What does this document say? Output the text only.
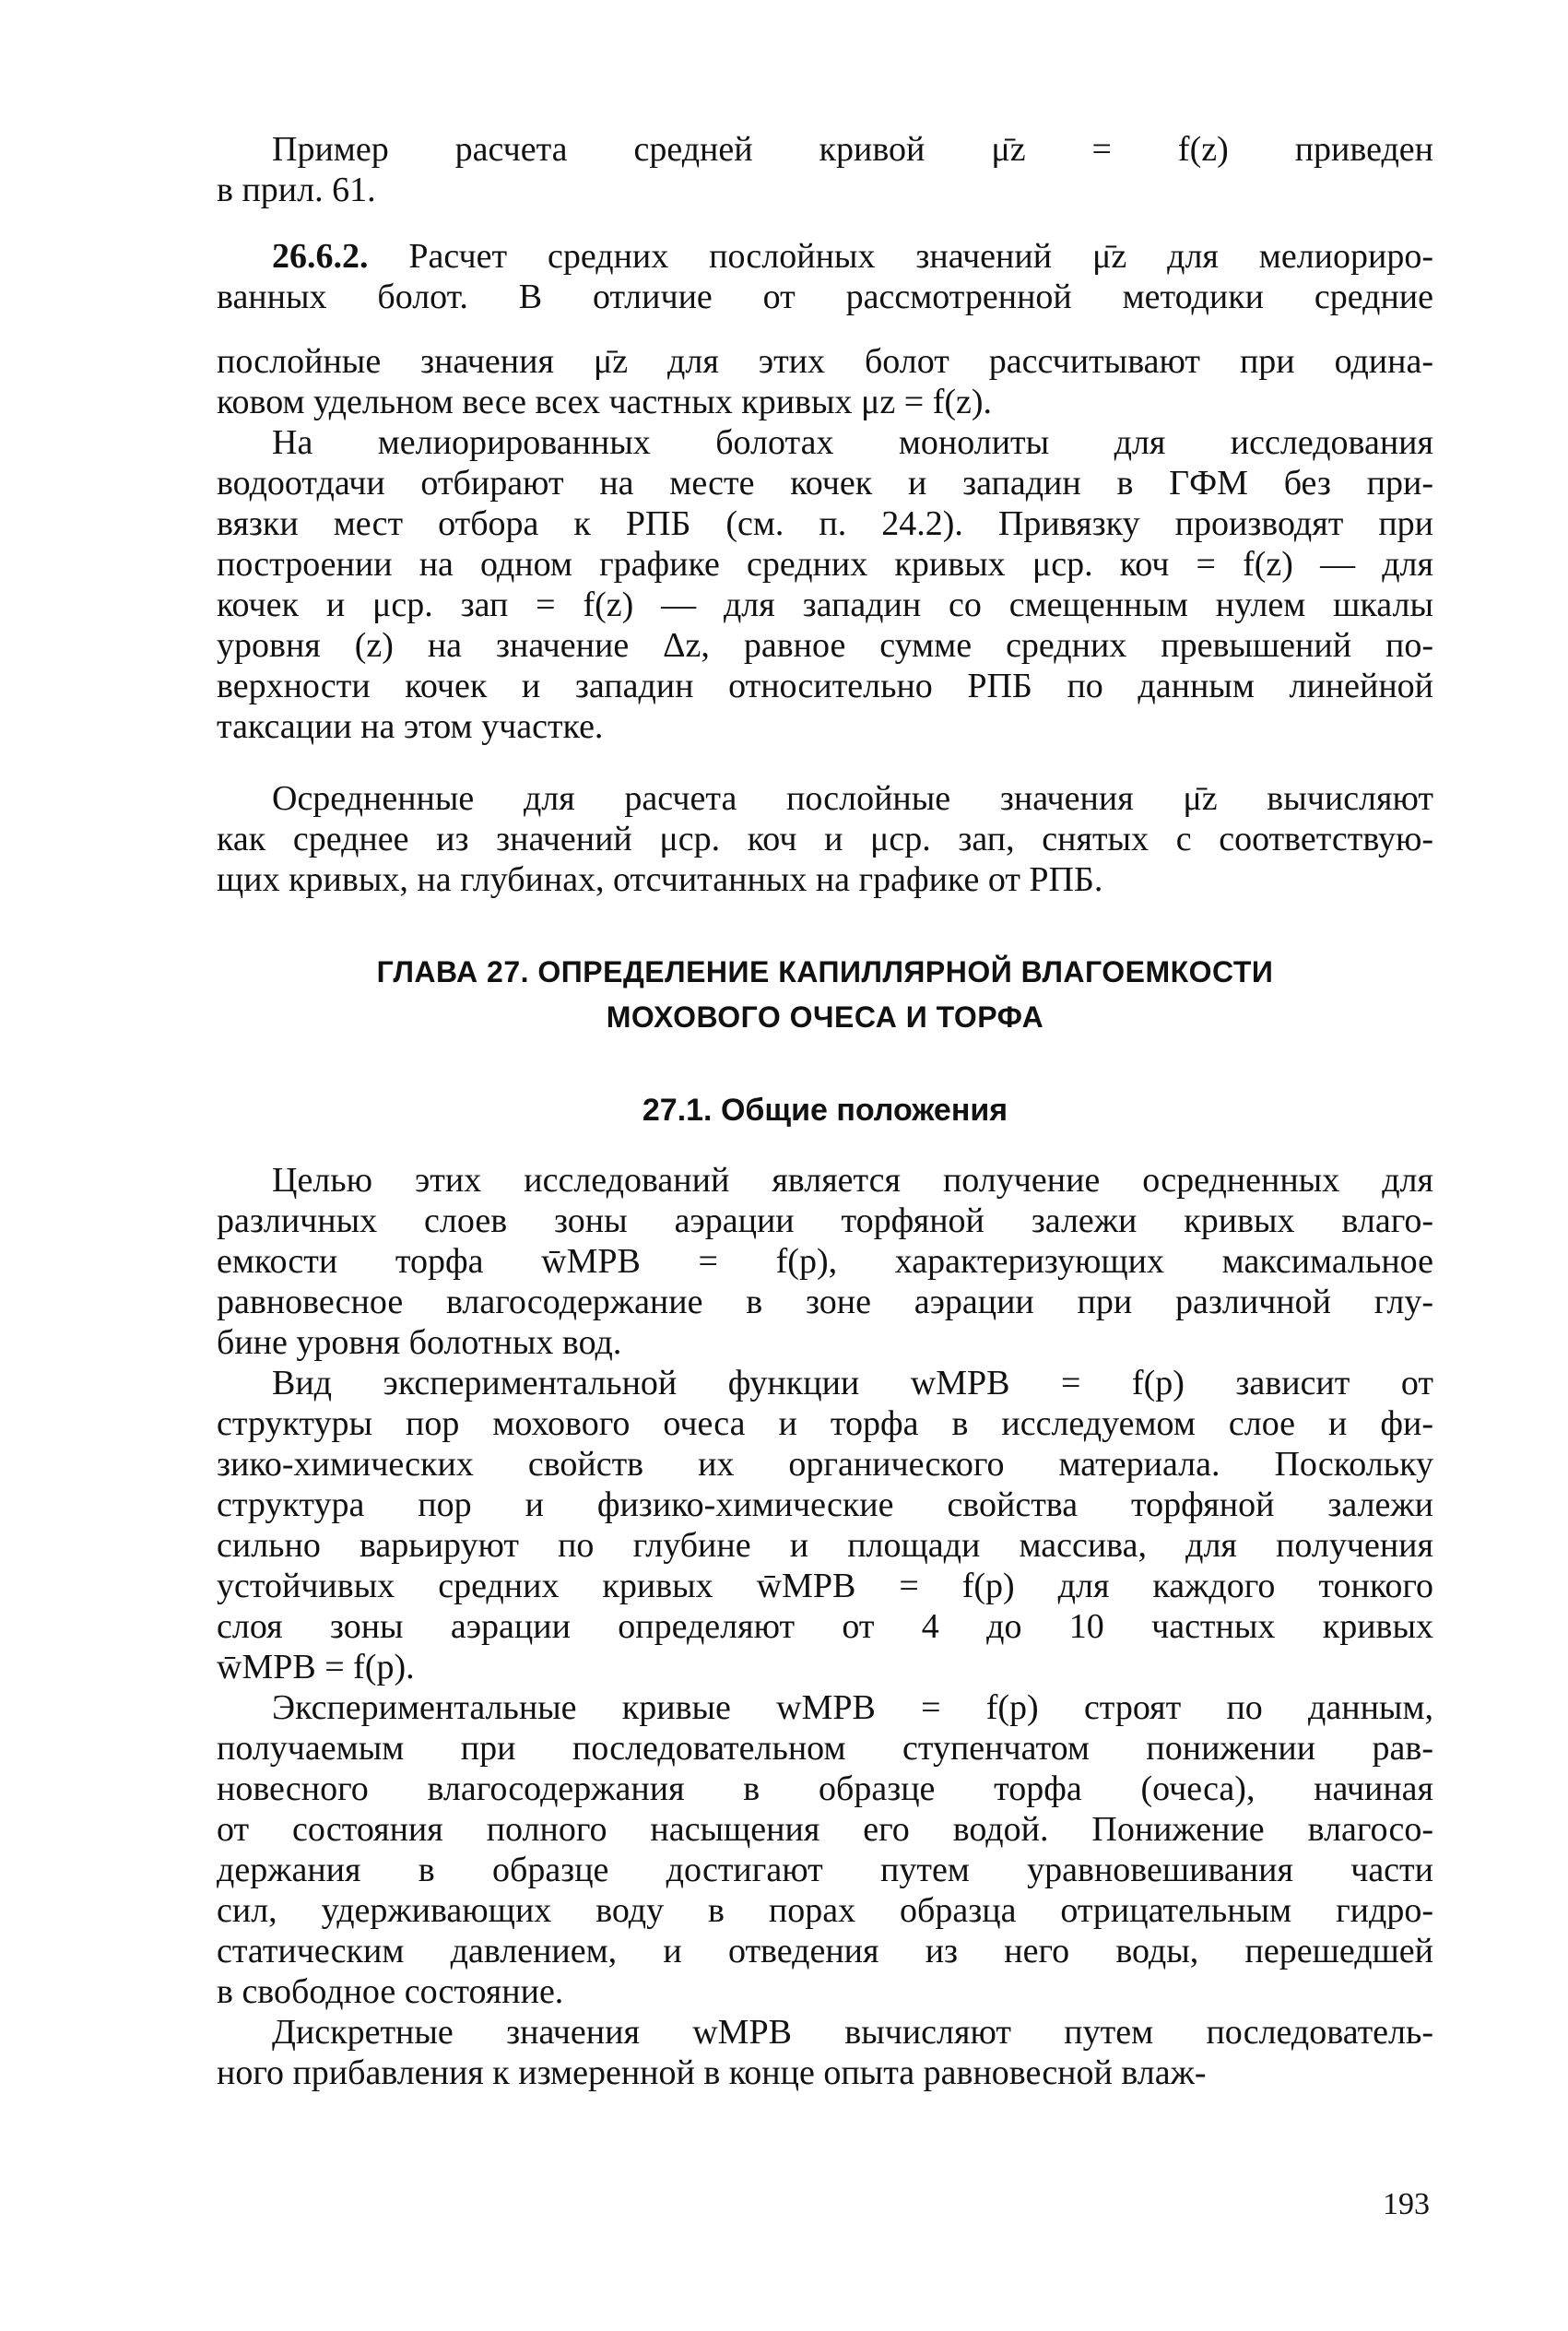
Пример расчета средней кривой μ̄z = f(z) приведен
в прил. 61.
26.6.2. Расчет средних послойных значений μ̄z для мелиориро-
ванных болот. В отличие от рассмотренной методики средние
послойные значения μ̄z для этих болот рассчитывают при одина-
ковом удельном весе всех частных кривых μz = f(z).
На мелиорированных болотах монолиты для исследования
водоотдачи отбирают на месте кочек и западин в ГФМ без при-
вязки мест отбора к РПБ (см. п. 24.2). Привязку производят при
построении на одном графике средних кривых μср. коч = f(z) — для
кочек и μср. зап = f(z) — для западин со смещенным нулем шкалы
уровня (z) на значение Δz, равное сумме средних превышений по-
верхности кочек и западин относительно РПБ по данным линейной
таксации на этом участке.
Осредненные для расчета послойные значения μ̄z вычисляют
как среднее из значений μср. коч и μср. зап, снятых с соответствую-
щих кривых, на глубинах, отсчитанных на графике от РПБ.
ГЛАВА 27. ОПРЕДЕЛЕНИЕ КАПИЛЛЯРНОЙ ВЛАГОЕМКОСТИ
МОХОВОГО ОЧЕСА И ТОРФА
27.1. Общие положения
Целью этих исследований является получение осредненных для
различных слоев зоны аэрации торфяной залежи кривых влаго-
емкости торфа w̄МРВ = f(p), характеризующих максимальное
равновесное влагосодержание в зоне аэрации при различной глу-
бине уровня болотных вод.
Вид экспериментальной функции wМРВ = f(p) зависит от
структуры пор мохового очеса и торфа в исследуемом слое и фи-
зико-химических свойств их органического материала. Поскольку
структура пор и физико-химические свойства торфяной залежи
сильно варьируют по глубине и площади массива, для получения
устойчивых средних кривых w̄МРВ = f(p) для каждого тонкого
слоя зоны аэрации определяют от 4 до 10 частных кривых
w̄МРВ = f(p).
Экспериментальные кривые wМРВ = f(p) строят по данным,
получаемым при последовательном ступенчатом понижении рав-
новесного влагосодержания в образце торфа (очеса), начиная
от состояния полного насыщения его водой. Понижение влагосо-
держания в образце достигают путем уравновешивания части
сил, удерживающих воду в порах образца отрицательным гидро-
статическим давлением, и отведения из него воды, перешедшей
в свободное состояние.
Дискретные значения wМРВ вычисляют путем последователь-
ного прибавления к измеренной в конце опыта равновесной влаж-
193
